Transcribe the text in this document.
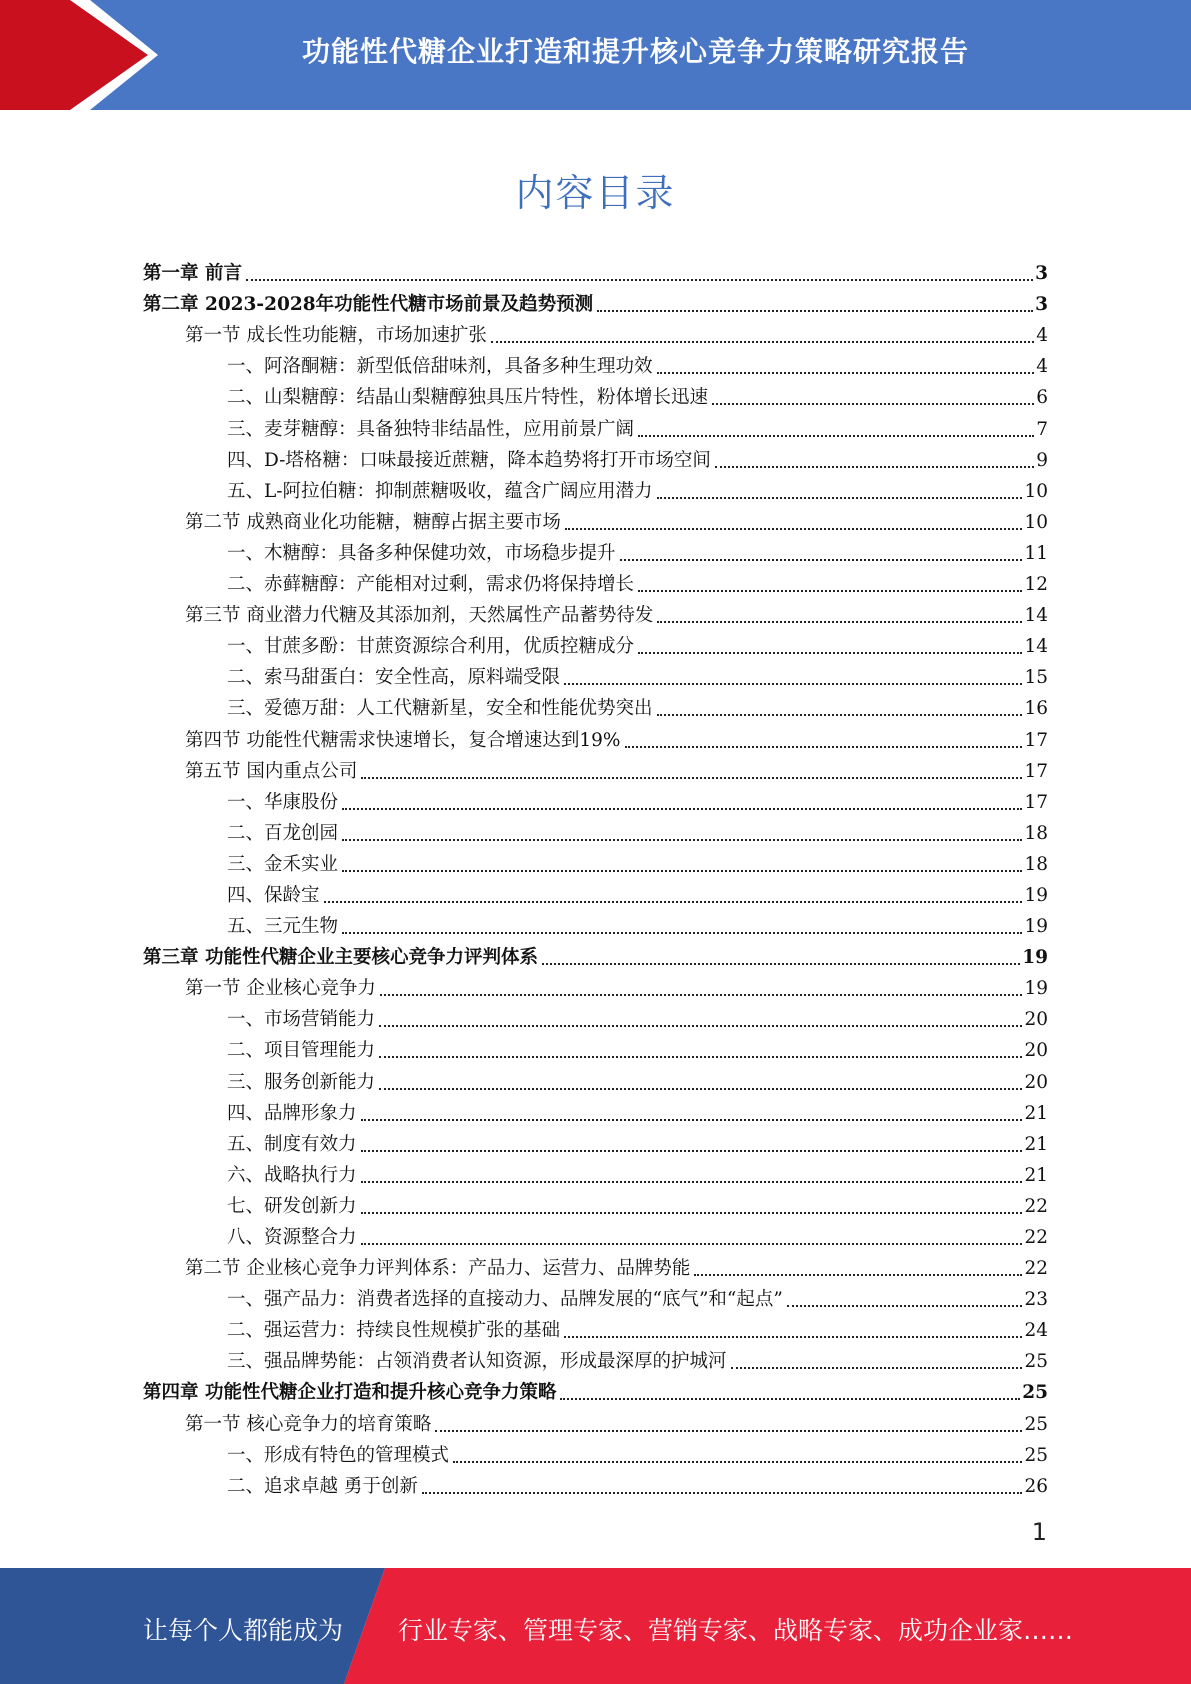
功能性代糖企业打造和提升核心竞争力策略研究报告
内容目录
第一章 前言	3
第二章 2023-2028年功能性代糖市场前景及趋势预测	3
第一节 成长性功能糖，市场加速扩张	4
一、阿洛酮糖：新型低倍甜味剂，具备多种生理功效	4
二、山梨糖醇：结晶山梨糖醇独具压片特性，粉体增长迅速	6
三、麦芽糖醇：具备独特非结晶性，应用前景广阔	7
四、D-塔格糖：口味最接近蔗糖，降本趋势将打开市场空间	9
五、L-阿拉伯糖：抑制蔗糖吸收，蕴含广阔应用潜力	10
第二节 成熟商业化功能糖，糖醇占据主要市场	10
一、木糖醇：具备多种保健功效，市场稳步提升	11
二、赤藓糖醇：产能相对过剩，需求仍将保持增长	12
第三节 商业潜力代糖及其添加剂，天然属性产品蓄势待发	14
一、甘蔗多酚：甘蔗资源综合利用，优质控糖成分	14
二、索马甜蛋白：安全性高，原料端受限	15
三、爱德万甜：人工代糖新星，安全和性能优势突出	16
第四节 功能性代糖需求快速增长，复合增速达到19%	17
第五节 国内重点公司	17
一、华康股份	17
二、百龙创园	18
三、金禾实业	18
四、保龄宝	19
五、三元生物	19
第三章 功能性代糖企业主要核心竞争力评判体系	19
第一节 企业核心竞争力	19
一、市场营销能力	20
二、项目管理能力	20
三、服务创新能力	20
四、品牌形象力	21
五、制度有效力	21
六、战略执行力	21
七、研发创新力	22
八、资源整合力	22
第二节 企业核心竞争力评判体系：产品力、运营力、品牌势能	22
一、强产品力：消费者选择的直接动力、品牌发展的“底气”和“起点”	23
二、强运营力：持续良性规模扩张的基础	24
三、强品牌势能：占领消费者认知资源，形成最深厚的护城河	25
第四章 功能性代糖企业打造和提升核心竞争力策略	25
第一节 核心竞争力的培育策略	25
一、形成有特色的管理模式	25
二、追求卓越 勇于创新	26
1
让每个人都能成为 行业专家、管理专家、营销专家、战略专家、成功企业家……
